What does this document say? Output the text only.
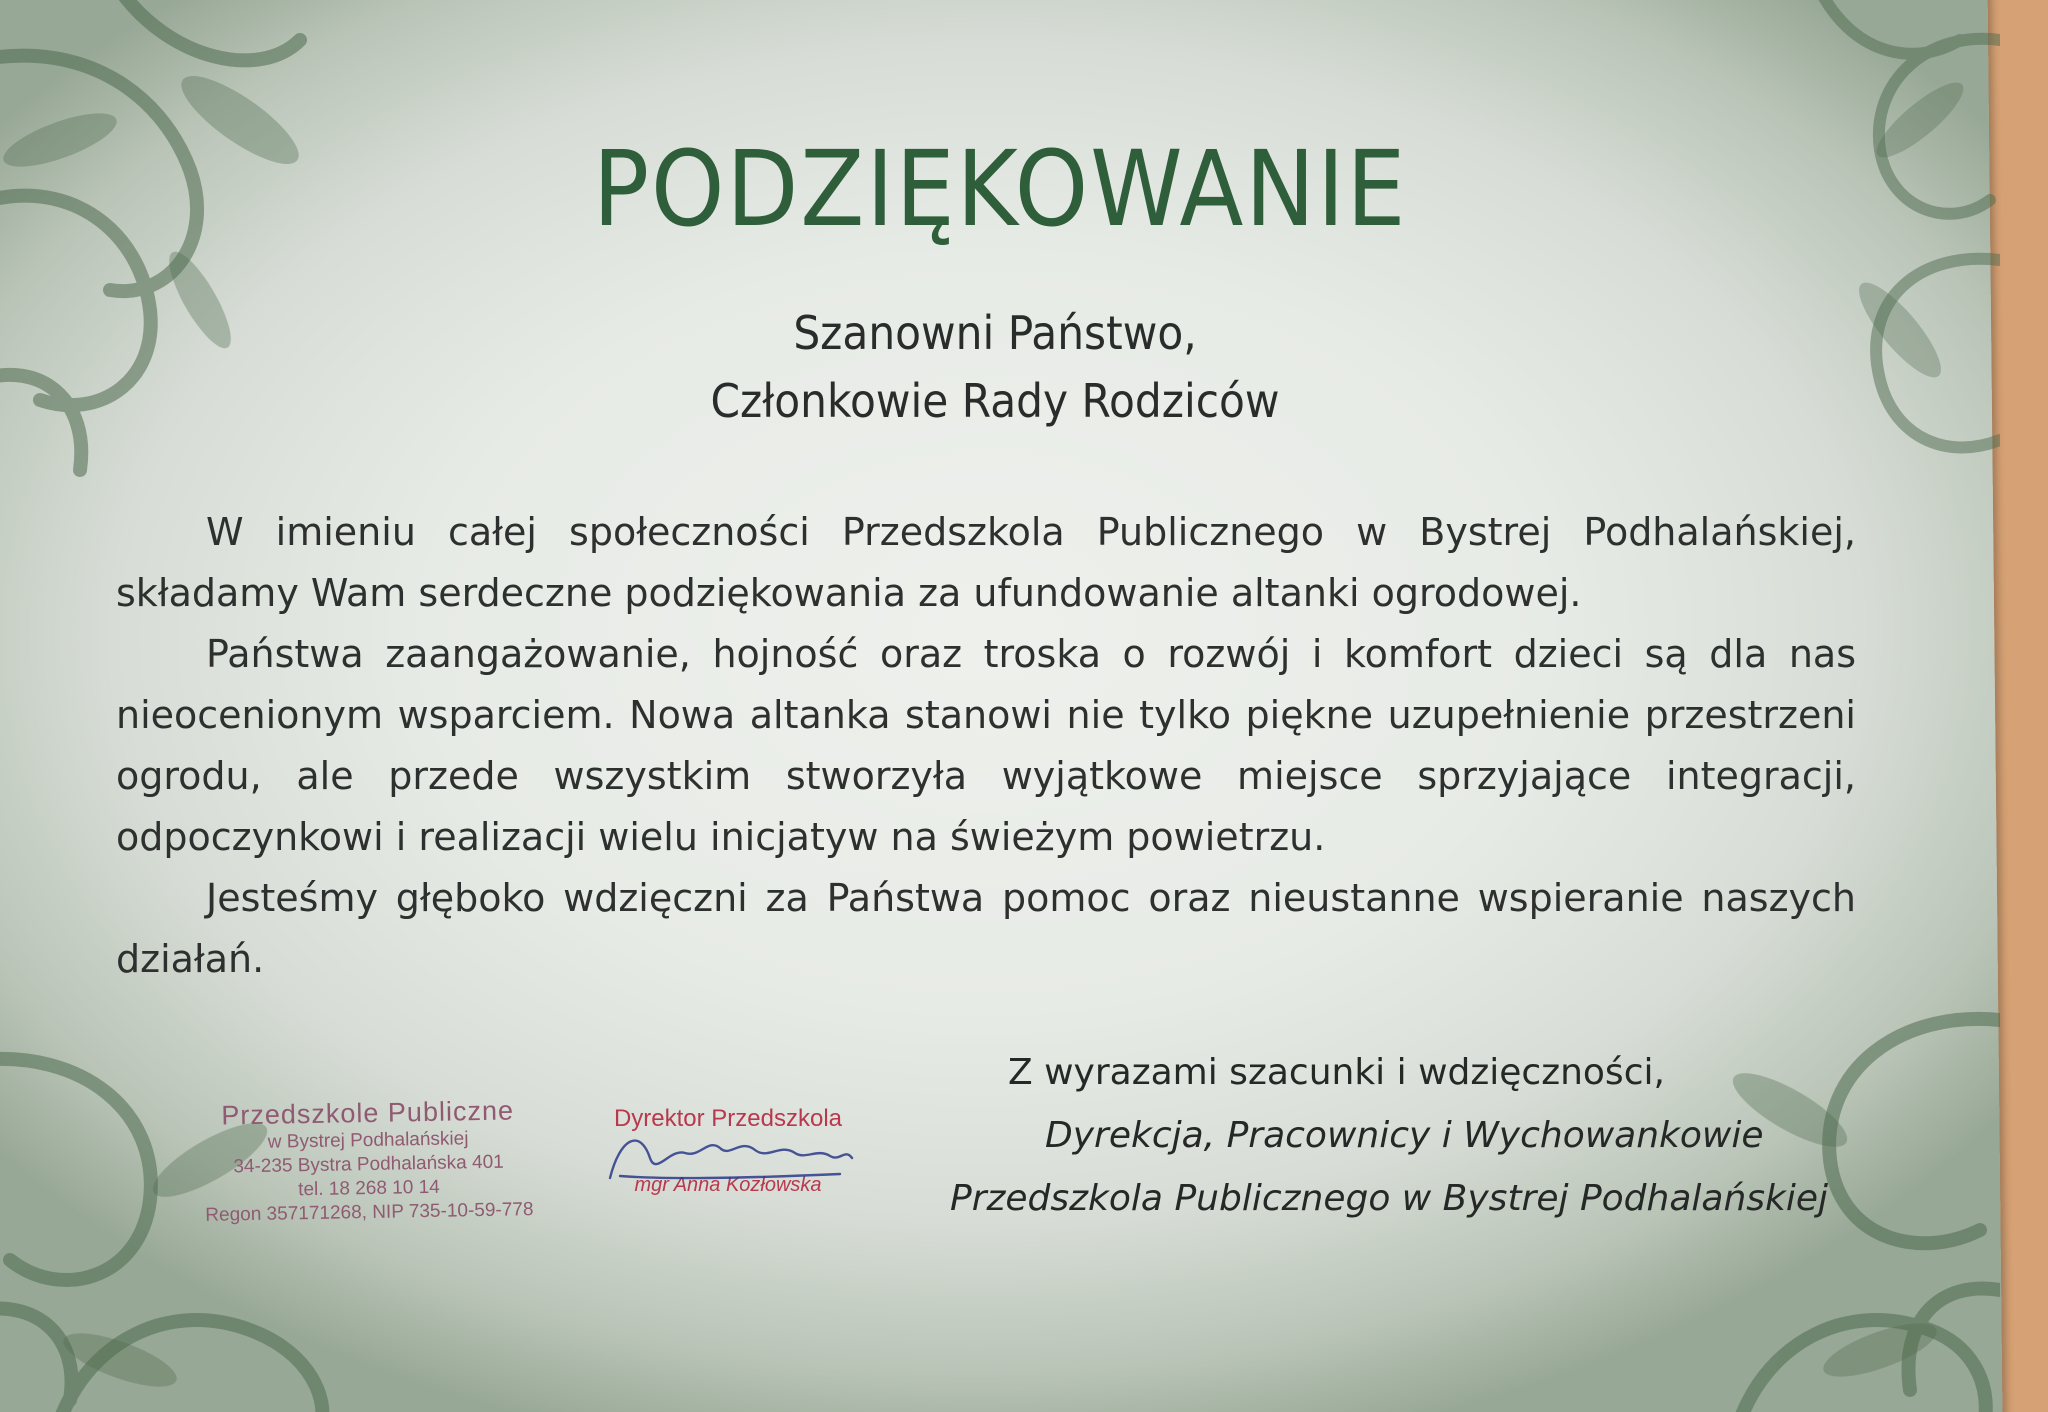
PODZIĘKOWANIE
Szanowni Państwo,
Członkowie Rady Rodziców

W imieniu całej społeczności Przedszkola Publicznego w Bystrej Podhalańskiej, składamy Wam serdeczne podziękowania za ufundowanie altanki ogrodowej.

Państwa zaangażowanie, hojność oraz troska o rozwój i komfort dzieci są dla nas nieocenionym wsparciem. Nowa altanka stanowi nie tylko piękne uzupełnienie przestrzeni ogrodu, ale przede wszystkim stworzyła wyjątkowe miejsce sprzyjające integracji, odpoczynkowi i realizacji wielu inicjatyw na świeżym powietrzu.

Jesteśmy głęboko wdzięczni za Państwa pomoc oraz nieustanne wspieranie naszych działań.

Przedszkole Publiczne
w Bystrej Podhalańskiej
34-235 Bystra Podhalańska 401
tel. 18 268 10 14
Regon 357171268, NIP 735-10-59-778
Dyrektor Przedszkola
mgr Anna Kozłowska
Z wyrazami szacunki i wdzięczności,
Dyrekcja, Pracownicy i Wychowankowie
Przedszkola Publicznego w Bystrej Podhalańskiej
